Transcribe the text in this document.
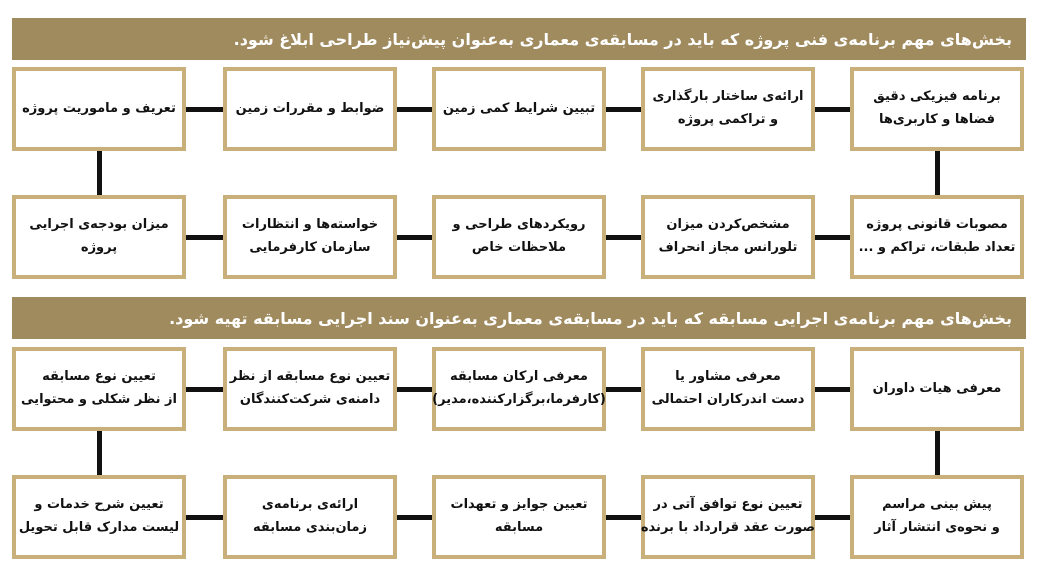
بخش‌های مهم برنامه‌ی فنی پروژه که باید در مسابقه‌ی معماری به‌عنوان پیش‌نیاز طراحی ابلاغ شود.
برنامه فیزیکی دقیق
فضاها و کاربری‌ها
ارائه‌ی ساختار بارگذاری
و تراکمی پروژه
تبیین شرایط کمی زمین
ضوابط و مقررات زمین
تعریف و ماموریت پروژه
مصوبات قانونی پروژه
تعداد طبقات، تراکم و ...
مشخص‌کردن میزان
تلورانس مجاز انحراف
رویکردهای طراحی و
ملاحظات خاص
خواسته‌ها و انتظارات
سازمان کارفرمایی
میزان بودجه‌ی اجرایی
پروژه
بخش‌های مهم برنامه‌ی اجرایی مسابقه که باید در مسابقه‌ی معماری به‌عنوان سند اجرایی مسابقه تهیه شود.
معرفی هیات داوران
معرفی مشاور یا
دست اندرکاران احتمالی
معرفی ارکان مسابقه
(کارفرما،برگزارکننده،مدیر)
تعیین نوع مسابقه از نظر
دامنه‌ی شرکت‌کنندگان
تعیین نوع مسابقه
از نظر شکلی و محتوایی
پیش بینی مراسم
و نحوه‌ی انتشار آثار
تعیین نوع توافق آتی در
صورت عقد قرارداد با برنده
تعیین جوایز و تعهدات
مسابقه
ارائه‌ی برنامه‌ی
زمان‌بندی مسابقه
تعیین شرح خدمات و
لیست مدارک قابل تحویل
